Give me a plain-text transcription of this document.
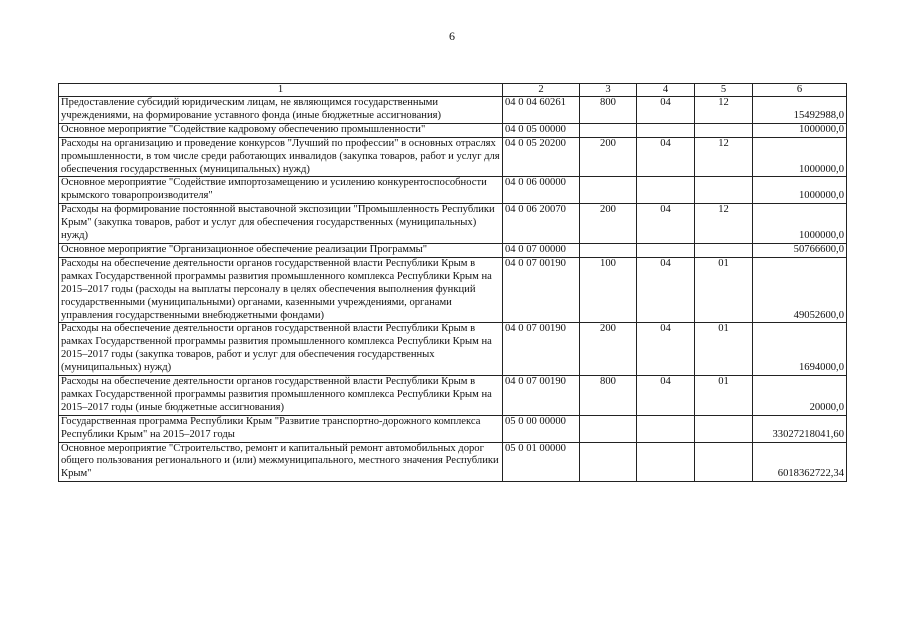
6
1	2	3	4	5	6
Предоставление субсидий юридическим лицам, не являющимся государственными учреждениями, на формирование уставного фонда (иные бюджетные ассигнования)	04 0 04 60261	800	04	12	15492988,0
Основное мероприятие "Содействие кадровому обеспечению промышленности"	04 0 05 00000				1000000,0
Расходы на организацию и проведение конкурсов "Лучший по профессии" в основных отраслях промышленности, в том числе среди работающих инвалидов (закупка товаров, работ и услуг для обеспечения государственных (муниципальных) нужд)	04 0 05 20200	200	04	12	1000000,0
Основное мероприятие "Содействие импортозамещению и усилению конкурентоспособности крымского товаропроизводителя"	04 0 06 00000				1000000,0
Расходы на формирование постоянной выставочной экспозиции "Промышленность Республики Крым" (закупка товаров, работ и услуг для обеспечения государственных (муниципальных) нужд)	04 0 06 20070	200	04	12	1000000,0
Основное мероприятие "Организационное обеспечение реализации Программы"	04 0 07 00000				50766600,0
Расходы на обеспечение деятельности органов государственной власти Республики Крым в рамках Государственной программы развития промышленного комплекса Республики Крым на 2015–2017 годы (расходы на выплаты персоналу в целях обеспечения выполнения функций государственными (муниципальными) органами, казенными учреждениями, органами управления государственными внебюджетными фондами)	04 0 07 00190	100	04	01	49052600,0
Расходы на обеспечение деятельности органов государственной власти Республики Крым в рамках Государственной программы развития промышленного комплекса Республики Крым на 2015–2017 годы (закупка товаров, работ и услуг для обеспечения государственных (муниципальных) нужд)	04 0 07 00190	200	04	01	1694000,0
Расходы на обеспечение деятельности органов государственной власти Республики Крым в рамках Государственной программы развития промышленного комплекса Республики Крым на 2015–2017 годы (иные бюджетные ассигнования)	04 0 07 00190	800	04	01	20000,0
Государственная программа Республики Крым "Развитие транспортно-дорожного комплекса Республики Крым" на 2015–2017 годы	05 0 00 00000				33027218041,60
Основное мероприятие "Строительство, ремонт и капитальный ремонт автомобильных дорог общего пользования регионального и (или) межмуниципального, местного значения Республики Крым"	05 0 01 00000				6018362722,34
